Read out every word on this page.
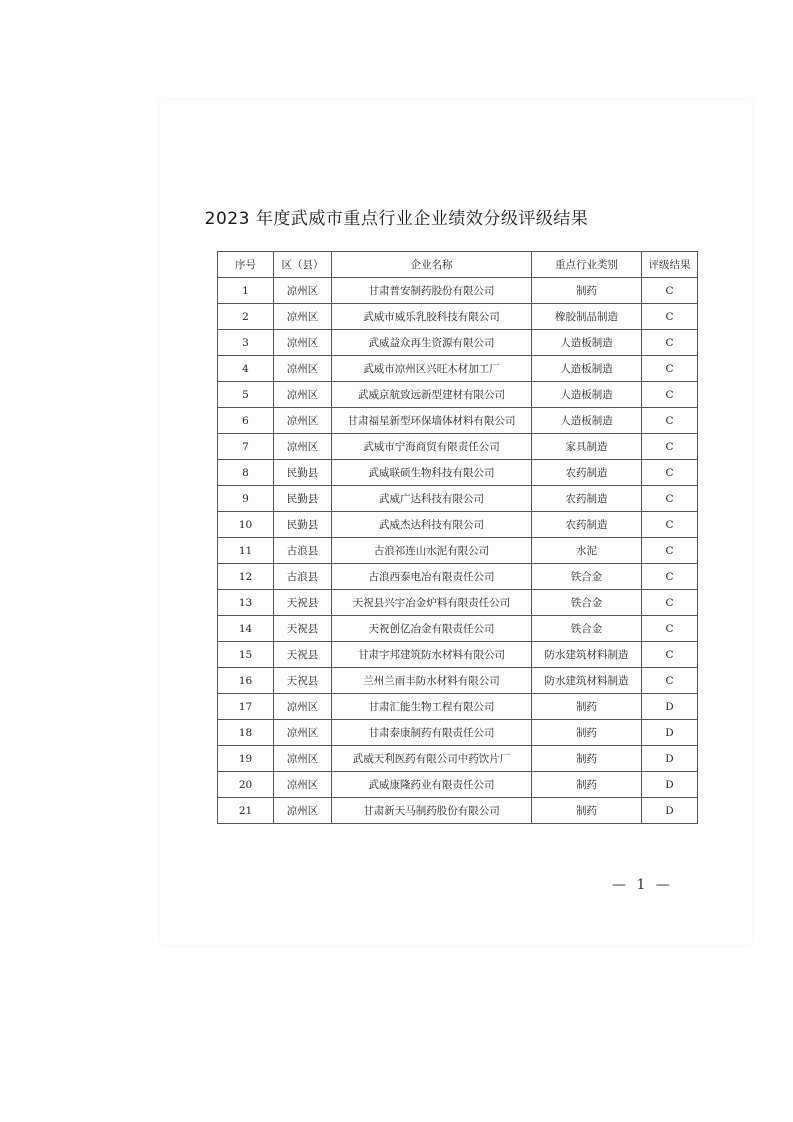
2023 年度武威市重点行业企业绩效分级评级结果
序号	区（县）	企业名称	重点行业类别	评级结果
1	凉州区	甘肃普安制药股份有限公司	制药	C
2	凉州区	武威市威乐乳胶科技有限公司	橡胶制品制造	C
3	凉州区	武威益众再生资源有限公司	人造板制造	C
4	凉州区	武威市凉州区兴旺木材加工厂	人造板制造	C
5	凉州区	武威京航致远新型建材有限公司	人造板制造	C
6	凉州区	甘肃福星新型环保墙体材料有限公司	人造板制造	C
7	凉州区	武威市宁海商贸有限责任公司	家具制造	C
8	民勤县	武威联硕生物科技有限公司	农药制造	C
9	民勤县	武威广达科技有限公司	农药制造	C
10	民勤县	武威杰达科技有限公司	农药制造	C
11	古浪县	古浪祁连山水泥有限公司	水泥	C
12	古浪县	古浪西泰电冶有限责任公司	铁合金	C
13	天祝县	天祝县兴宇冶金炉料有限责任公司	铁合金	C
14	天祝县	天祝创亿冶金有限责任公司	铁合金	C
15	天祝县	甘肃宇邦建筑防水材料有限公司	防水建筑材料制造	C
16	天祝县	兰州兰雨丰防水材料有限公司	防水建筑材料制造	C
17	凉州区	甘肃汇能生物工程有限公司	制药	D
18	凉州区	甘肃泰康制药有限责任公司	制药	D
19	凉州区	武威天利医药有限公司中药饮片厂	制药	D
20	凉州区	武威康隆药业有限责任公司	制药	D
21	凉州区	甘肃新天马制药股份有限公司	制药	D
— 1 —
